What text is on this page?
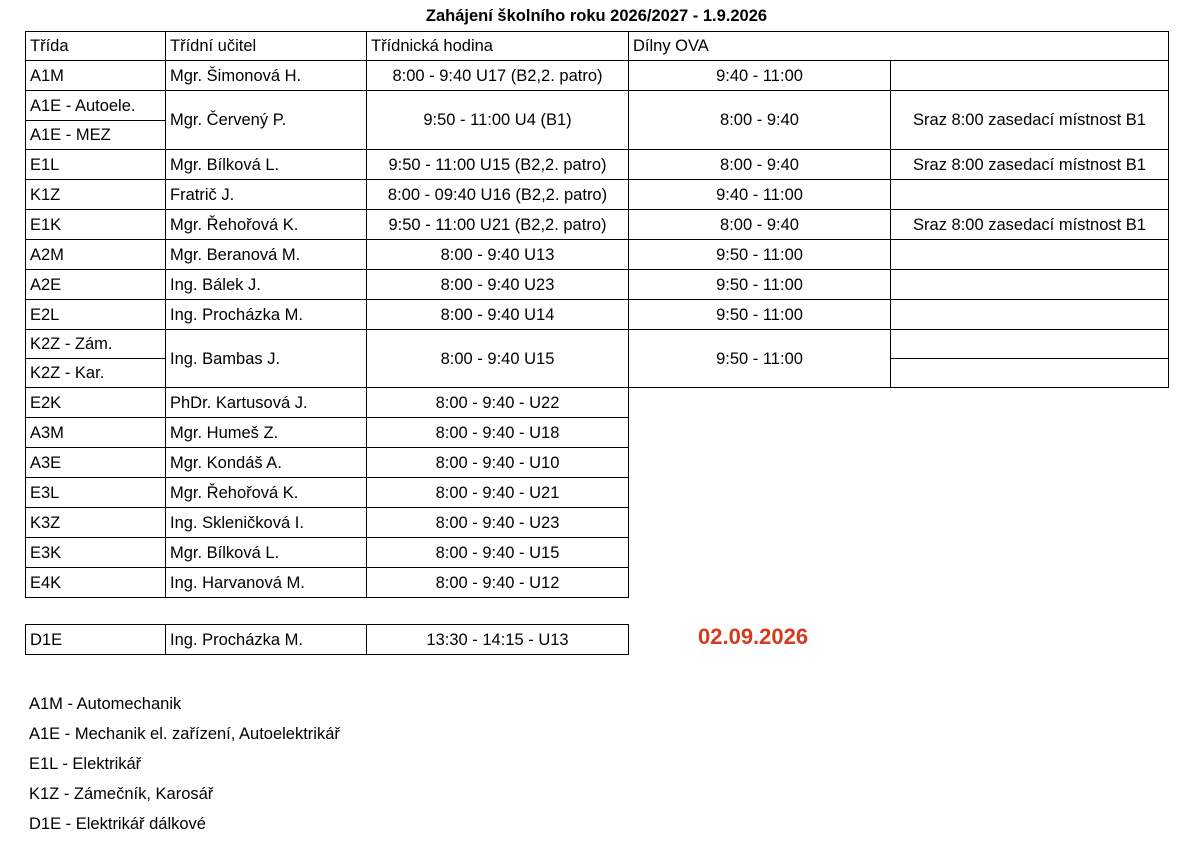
Zahájení školního roku 2026/2027 - 1.9.2026
Třída	Třídní učitel	Třídnická hodina	Dílny OVA	
A1M	Mgr. Šimonová H.	8:00 - 9:40 U17 (B2,2. patro)	9:40 - 11:00	
A1E - Autoele.	Mgr. Červený P.	9:50 - 11:00 U4 (B1)	8:00 - 9:40	Sraz 8:00 zasedací místnost B1
A1E - MEZ				
E1L	Mgr. Bílková L.	9:50 - 11:00 U15 (B2,2. patro)	8:00 - 9:40	Sraz 8:00 zasedací místnost B1
K1Z	Fratrič J.	8:00 - 09:40 U16 (B2,2. patro)	9:40 - 11:00	
E1K	Mgr. Řehořová K.	9:50 - 11:00 U21 (B2,2. patro)	8:00 - 9:40	Sraz 8:00 zasedací místnost B1
A2M	Mgr. Beranová M.	8:00 - 9:40 U13	9:50 - 11:00	
A2E	Ing. Bálek J.	8:00 - 9:40 U23	9:50 - 11:00	
E2L	Ing. Procházka M.	8:00 - 9:40 U14	9:50 - 11:00	
K2Z - Zám.	Ing. Bambas J.	8:00 - 9:40 U15	9:50 - 11:00	
K2Z - Kar.				
E2K	PhDr. Kartusová J.	8:00 - 9:40 - U22		
A3M	Mgr. Humeš Z.	8:00 - 9:40 - U18		
A3E	Mgr. Kondáš A.	8:00 - 9:40 - U10		
E3L	Mgr. Řehořová K.	8:00 - 9:40 - U21		
K3Z	Ing. Skleničková I.	8:00 - 9:40 - U23		
E3K	Mgr. Bílková L.	8:00 - 9:40 - U15		
E4K	Ing. Harvanová M.	8:00 - 9:40 - U12		
D1E	Ing. Procházka M.	13:30 - 14:15 - U13	02.09.2026
A1M - Automechanik
A1E - Mechanik el. zařízení, Autoelektrikář
E1L - Elektrikář
K1Z - Zámečník, Karosář
D1E - Elektrikář dálkové
